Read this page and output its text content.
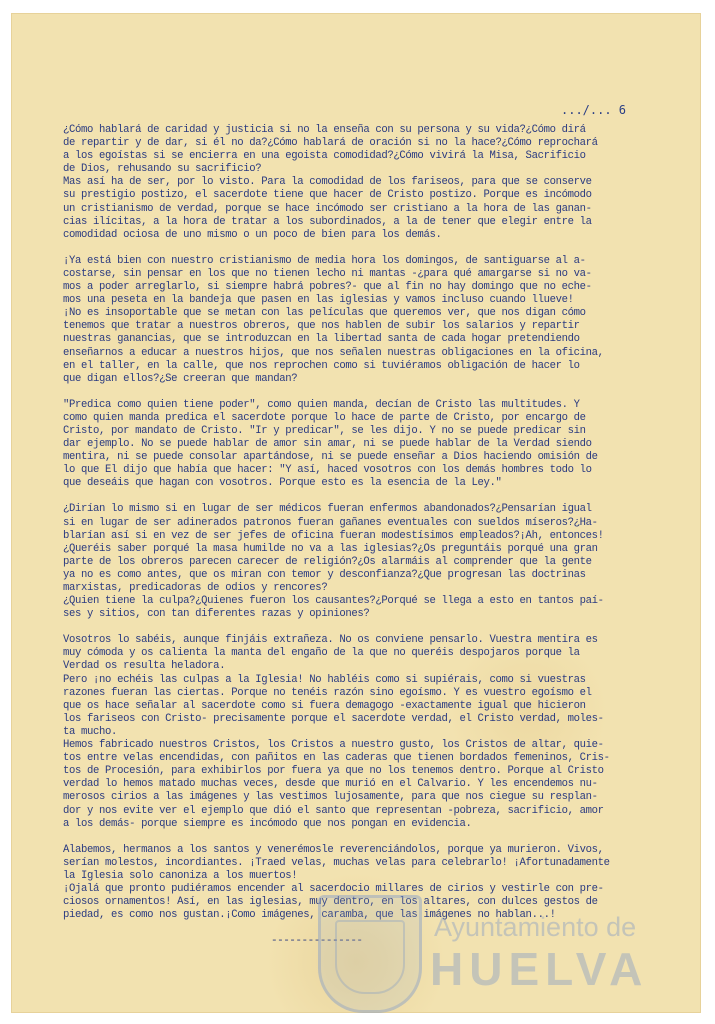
.../... 6

¿Cómo hablará de caridad y justicia si no la enseña con su persona y su vida?¿Cómo dirá
de repartir y de dar, si él no da?¿Cómo hablará de oración si no la hace?¿Cómo reprochará
a los egoístas si se encierra en una egoista comodidad?¿Cómo vivirá la Misa, Sacrificio
de Dios, rehusando su sacrificio?

Mas así ha de ser, por lo visto. Para la comodidad de los fariseos, para que se conserve
su prestigio postizo, el sacerdote tiene que hacer de Cristo postizo. Porque es incómodo
un cristianismo de verdad, porque se hace incómodo ser cristiano a la hora de las ganan-
cias ilícitas, a la hora de tratar a los subordinados, a la de tener que elegir entre la
comodidad ociosa de uno mismo o un poco de bien para los demás.

¡Ya está bien con nuestro cristianismo de media hora los domingos, de santiguarse al a-
costarse, sin pensar en los que no tienen lecho ni mantas -¿para qué amargarse si no va-
mos a poder arreglarlo, si siempre habrá pobres?- que al fin no hay domingo que no eche-
mos una peseta en la bandeja que pasen en las iglesias y vamos incluso cuando llueve!
¡No es insoportable que se metan con las películas que queremos ver, que nos digan cómo
tenemos que tratar a nuestros obreros, que nos hablen de subir los salarios y repartir
nuestras ganancias, que se introduzcan en la libertad santa de cada hogar pretendiendo
enseñarnos a educar a nuestros hijos, que nos señalen nuestras obligaciones en la oficina,
en el taller, en la calle, que nos reprochen como si tuviéramos obligación de hacer lo
que digan ellos?¿Se creeran que mandan?

"Predica como quien tiene poder", como quien manda, decían de Cristo las multitudes. Y
como quien manda predica el sacerdote porque lo hace de parte de Cristo, por encargo de
Cristo, por mandato de Cristo. "Ir y predicar", se les dijo. Y no se puede predicar sin
dar ejemplo. No se puede hablar de amor sin amar, ni se puede hablar de la Verdad siendo
mentira, ni se puede consolar apartándose, ni se puede enseñar a Dios haciendo omisión de
lo que El dijo que había que hacer: "Y así, haced vosotros con los demás hombres todo lo
que deseáis que hagan con vosotros. Porque esto es la esencia de la Ley."

¿Dirían lo mismo si en lugar de ser médicos fueran enfermos abandonados?¿Pensarían igual
si en lugar de ser adinerados patronos fueran gañanes eventuales con sueldos míseros?¿Ha-
blarían así si en vez de ser jefes de oficina fueran modestísimos empleados?¡Ah, entonces!
¿Queréis saber porqué la masa humilde no va a las iglesias?¿Os preguntáis porqué una gran
parte de los obreros parecen carecer de religión?¿Os alarmáis al comprender que la gente
ya no es como antes, que os miran con temor y desconfianza?¿Que progresan las doctrinas
marxistas, predicadoras de odios y rencores?
¿Quien tiene la culpa?¿Quienes fueron los causantes?¿Porqué se llega a esto en tantos paí-
ses y sitios, con tan diferentes razas y opiniones?

Vosotros lo sabéis, aunque finjáis extrañeza. No os conviene pensarlo. Vuestra mentira es
muy cómoda y os calienta la manta del engaño de la que no queréis despojaros porque la
Verdad os resulta heladora.
Pero ¡no echéis las culpas a la Iglesia! No habléis como si supiérais, como si vuestras
razones fueran las ciertas. Porque no tenéis razón sino egoísmo. Y es vuestro egoísmo el
que os hace señalar al sacerdote como si fuera demagogo -exactamente igual que hicieron
los fariseos con Cristo- precisamente porque el sacerdote verdad, el Cristo verdad, moles-
ta mucho.
Hemos fabricado nuestros Cristos, los Cristos a nuestro gusto, los Cristos de altar, quie-
tos entre velas encendidas, con pañitos en las caderas que tienen bordados femeninos, Cris-
tos de Procesión, para exhibirlos por fuera ya que no los tenemos dentro. Porque al Cristo
verdad lo hemos matado muchas veces, desde que murió en el Calvario. Y les encendemos nu-
merosos cirios a las imágenes y las vestimos lujosamente, para que nos ciegue su resplan-
dor y nos evite ver el ejemplo que dió el santo que representan -pobreza, sacrificio, amor
a los demás- porque siempre es incómodo que nos pongan en evidencia.

Alabemos, hermanos a los santos y venerémosle reverenciándolos, porque ya murieron. Vivos,
serían molestos, incordiantes. ¡Traed velas, muchas velas para celebrarlo! ¡Afortunadamente
la Iglesia solo canoniza a los muertos!
¡Ojalá que pronto pudiéramos encender al sacerdocio millares de cirios y vestirle con pre-
ciosos ornamentos! Así, en las iglesias, muy dentro, en los altares, con dulces gestos de
piedad, es como nos gustan.¡Como imágenes, caramba, que las imágenes no hablan...!

---------------	Ayuntamiento de
HUELVA
